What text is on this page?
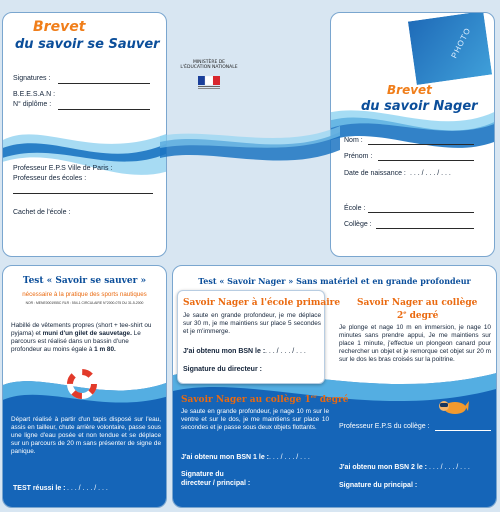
Brevet
du savoir se Sauver
Signatures :
B.E.E.S.A.N :
N° diplôme :
Professeur E.P.S Ville de Paris :
Professeur des écoles :
Cachet de l'école :
MINISTÈRE DE
L'ÉDUCATION NATIONALE
PHOTO
Brevet
du savoir Nager
Nom :
Prénom :
Date de naissance : . . . / . . . / . . .
École :
Collège :
Test « Savoir se sauver »
nécessaire à la pratique des sports nautiques
NOR : MENE0001955C RLR : 554-1 CIRCULAIRE N°2000-075 DU 31-5-2000
Habillé de vêtements propres (short + tee-shirt ou pyjama) et muni d'un gilet de sauvetage. Le parcours est réalisé dans un bassin d'une profondeur au moins égale à 1 m 80.
Départ réalisé à partir d'un tapis disposé sur l'eau, assis en tailleur, chute arrière volontaire, passe sous une ligne d'eau posée et non tendue et se déplace sur un parcours de 20 m sans présenter de signe de panique.
TEST réussi le : . . . / . . . / . . .
Test « Savoir Nager » Sans matériel et en grande profondeur
Savoir Nager à l'école primaire
Je saute en grande profondeur, je me déplace sur 30 m, je me maintiens sur place 5 secondes et je m'immerge.
J'ai obtenu mon BSN le : . . . / . . . / . . .
Signature du directeur :
Savoir Nager au collège 1er degré
Je saute en grande profondeur, je nage 10 m sur le ventre et sur le dos, je me maintiens sur place 10 secondes et je passe sous deux objets flottants.
J'ai obtenu mon BSN 1 le : . . . / . . . / . . .
Signature du
directeur / principal :
Savoir Nager au collège
2e degré
Je plonge et nage 10 m en immersion, je nage 10 minutes sans prendre appui, Je me maintiens sur place 1 minute, j'effectue un plongeon canard pour rechercher un objet et je remorque cet objet sur 20 m sur le dos les bras croisés sur la poitrine.
Professeur E.P.S du collège :
J'ai obtenu mon BSN 2 le : . . . / . . . / . . .
Signature du principal :
